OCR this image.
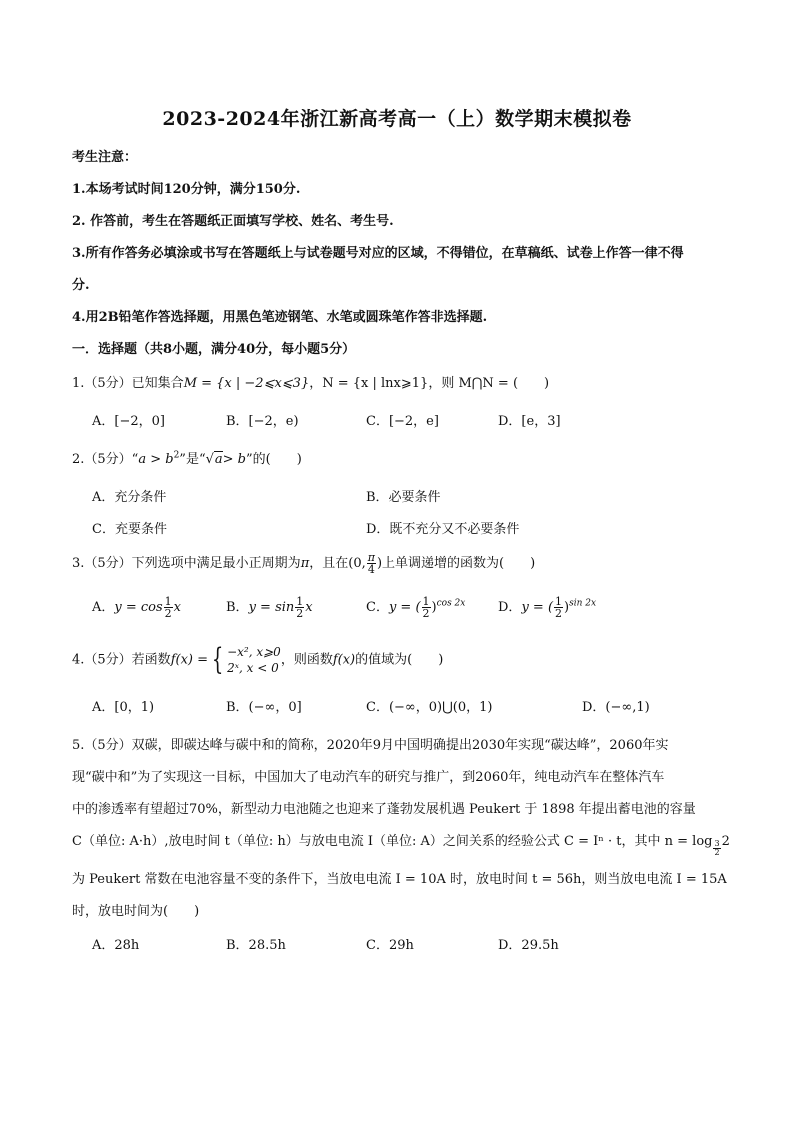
2023-2024年浙江新高考高一（上）数学期末模拟卷
考生注意：
1.本场考试时间120分钟，满分150分.
2. 作答前，考生在答题纸正面填写学校、姓名、考生号.
3.所有作答务必填涂或书写在答题纸上与试卷题号对应的区域，不得错位，在草稿纸、试卷上作答一律不得
分.
4.用2B铅笔作答选择题，用黑色笔迹钢笔、水笔或圆珠笔作答非选择题.
一．选择题（共8小题，满分40分，每小题5分）
1.（5分）已知集合M = {x | −2⩽x⩽3}，N = {x | lnx⩾1}，则 M⋂N = (　　)
A．[−2，0]	B．[−2，e)	C．[−2，e]	D．[e，3]
2.（5分）“a > $b^2$”是“√a> b”的(　　)
A．充分条件	B．必要条件
C．充要条件	D．既不充分又不必要条件
3.（5分）下列选项中满足最小正周期为π，且在(0, $\frac{\pi}{4}$ )上单调递增的函数为(　　)
A．$y = \cos \frac{1}{2}$ x	B．$y = \sin \frac{1}{2}$ x	C．y = ( $\frac{1}{2} )^{cos 2x}$	D．y = ( $\frac{1}{2} )^{sin 2x}$
4.（5分）若函数f(x) = { −x², x⩾0
2ˣ, x < 0
，则函数f(x)的值域为(　　)
A．[0，1)	B．(−∞，0]	C．(−∞，0)⋃(0，1)	D．(−∞,1)
5.（5分）双碳，即碳达峰与碳中和的简称，2020年9月中国明确提出2030年实现“碳达峰”，2060年实
现“碳中和”为了实现这一目标，中国加大了电动汽车的研究与推广，到2060年，纯电动汽车在整体汽车
中的渗透率有望超过70%，新型动力电池随之也迎来了蓬勃发展机遇 Peukert 于 1898 年提出蓄电池的容量
C（单位: A·h）,放电时间 t（单位: h）与放电电流 I（单位: A）之间关系的经验公式 C = Iⁿ · t，其中 $n = \log \frac{3}{2} 2$
为 Peukert 常数在电池容量不变的条件下，当放电电流 I = 10A 时，放电时间 t = 56h，则当放电电流 I = 15A
时，放电时间为(　　)
A．28h	B．28.5h	C．29h	D．29.5h
